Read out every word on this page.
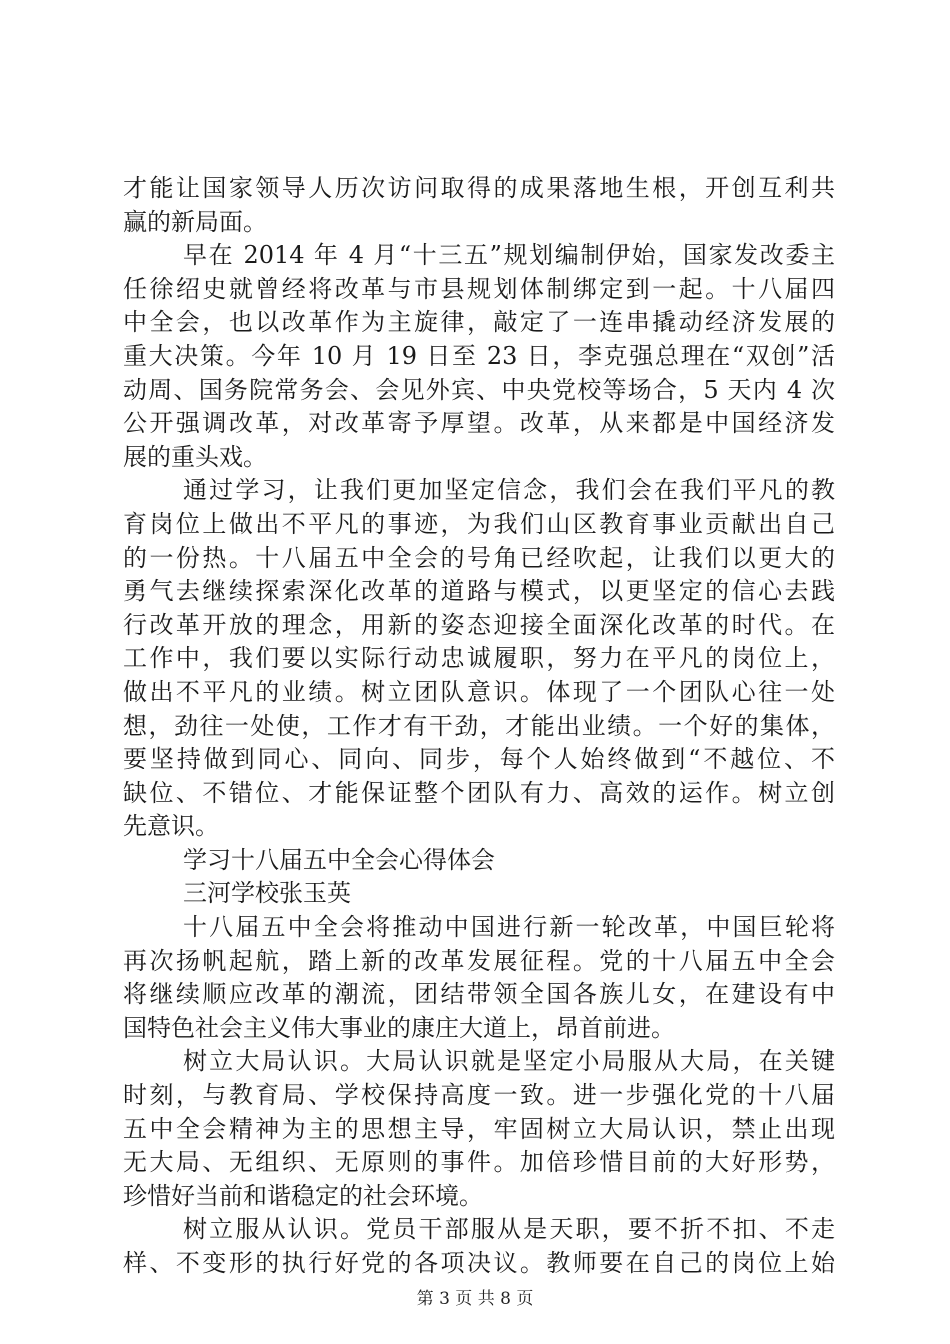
才能让国家领导人历次访问取得的成果落地生根，开创互利共
赢的新局面。
早在 2014 年 4 月“十三五”规划编制伊始，国家发改委主
任徐绍史就曾经将改革与市县规划体制绑定到一起。十八届四
中全会，也以改革作为主旋律，敲定了一连串撬动经济发展的
重大决策。今年 10 月 19 日至 23 日，李克强总理在“双创”活
动周、国务院常务会、会见外宾、中央党校等场合，5 天内 4 次
公开强调改革，对改革寄予厚望。改革，从来都是中国经济发
展的重头戏。
通过学习，让我们更加坚定信念，我们会在我们平凡的教
育岗位上做出不平凡的事迹，为我们山区教育事业贡献出自己
的一份热。十八届五中全会的号角已经吹起，让我们以更大的
勇气去继续探索深化改革的道路与模式，以更坚定的信心去践
行改革开放的理念，用新的姿态迎接全面深化改革的时代。在
工作中，我们要以实际行动忠诚履职，努力在平凡的岗位上，
做出不平凡的业绩。树立团队意识。体现了一个团队心往一处
想，劲往一处使，工作才有干劲，才能出业绩。一个好的集体，
要坚持做到同心、同向、同步，每个人始终做到“不越位、不
缺位、不错位、才能保证整个团队有力、高效的运作。树立创
先意识。
学习十八届五中全会心得体会
三河学校张玉英
十八届五中全会将推动中国进行新一轮改革，中国巨轮将
再次扬帆起航，踏上新的改革发展征程。党的十八届五中全会
将继续顺应改革的潮流，团结带领全国各族儿女，在建设有中
国特色社会主义伟大事业的康庄大道上，昂首前进。
树立大局认识。大局认识就是坚定小局服从大局，在关键
时刻，与教育局、学校保持高度一致。进一步强化党的十八届
五中全会精神为主的思想主导，牢固树立大局认识，禁止出现
无大局、无组织、无原则的事件。加倍珍惜目前的大好形势，
珍惜好当前和谐稳定的社会环境。
树立服从认识。党员干部服从是天职，要不折不扣、不走
样、不变形的执行好党的各项决议。教师要在自己的岗位上始
第 3 页 共 8 页
